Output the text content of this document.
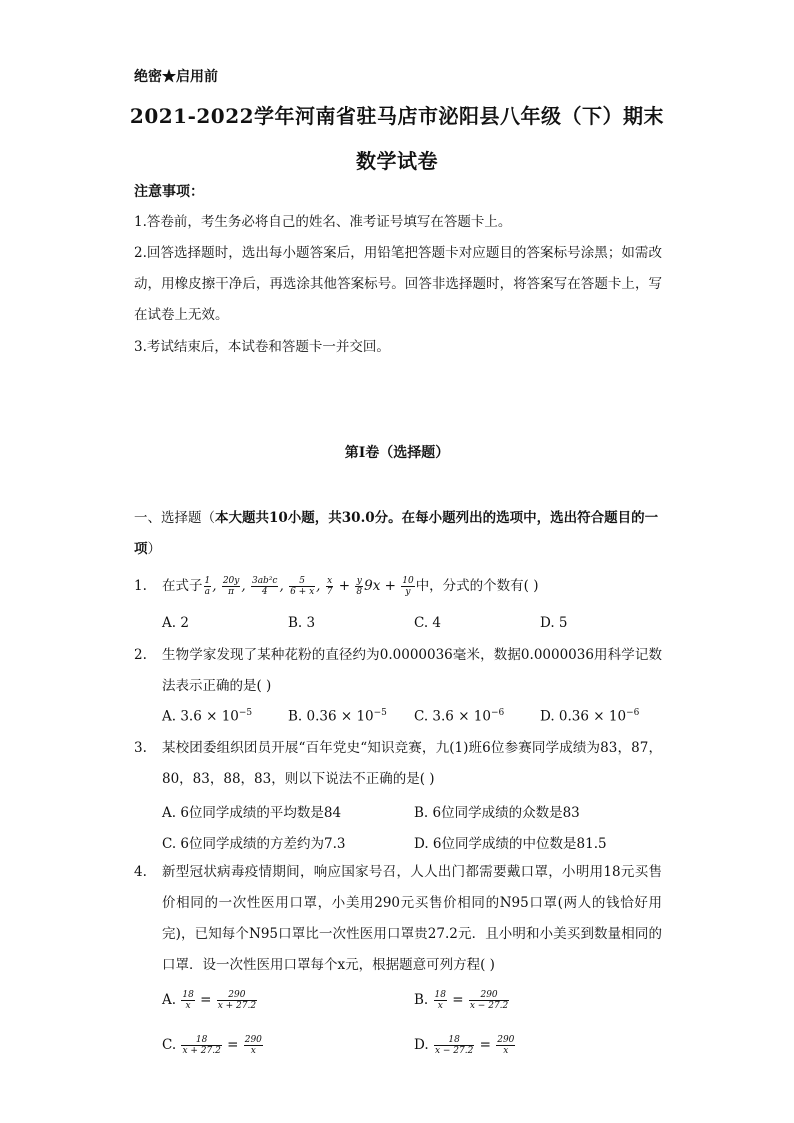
绝密★启用前
2021-2022学年河南省驻马店市泌阳县八年级（下）期末
数学试卷
注意事项：
1.答卷前，考生务必将自己的姓名、准考证号填写在答题卡上。
2.回答选择题时，选出每小题答案后，用铅笔把答题卡对应题目的答案标号涂黑；如需改动，用橡皮擦干净后，再选涂其他答案标号。回答非选择题时，将答案写在答题卡上，写在试卷上无效。
3.考试结束后，本试卷和答题卡一并交回。
第I卷（选择题）
一、选择题（本大题共10小题，共30.0分。在每小题列出的选项中，选出符合题目的一项）
1.	在式子 $\frac{1}{a}$ , $\frac{20y}{\pi}$ , $\frac{\text{3ab²c}}{4}$ , $\frac{5}{6 + x}$ , $\frac{x}{7} + \frac{y}{8} 9x + \frac{10}{y}$ 中，分式的个数有( )
A. 2	B. 3	C. 4	D. 5
2.	生物学家发现了某种花粉的直径约为0.0000036毫米，数据0.0000036用科学记数法表示正确的是( )
A. $3.6 \times 10^{-5}$	B. $0.36 \times 10^{-5}$ C. $3.6 \times 10^{-6}$	D. $0.36 \times 10^{-6}$
3.	某校团委组织团员开展“百年党史“知识竞赛，九(1)班6位参赛同学成绩为83，87，80，83，88，83，则以下说法不正确的是( )
A. 6位同学成绩的平均数是84	B. 6位同学成绩的众数是83
C. 6位同学成绩的方差约为7.3	D. 6位同学成绩的中位数是81.5
4.	新型冠状病毒疫情期间，响应国家号召，人人出门都需要戴口罩，小明用18元买售价相同的一次性医用口罩，小美用290元买售价相同的N95口罩(两人的钱恰好用完)，已知每个N95口罩比一次性医用口罩贵27.2元．且小明和小美买到数量相同的口罩．设一次性医用口罩每个x元，根据题意可列方程( )
A. $\frac{18}{x} = \frac{290}{x + 27.2}$	B. $\frac{18}{x} = \frac{290}{x - 27.2}$
C. $\frac{18}{x + 27.2} = \frac{290}{x}$	D. $\frac{18}{x - 27.2} = \frac{290}{x}$
